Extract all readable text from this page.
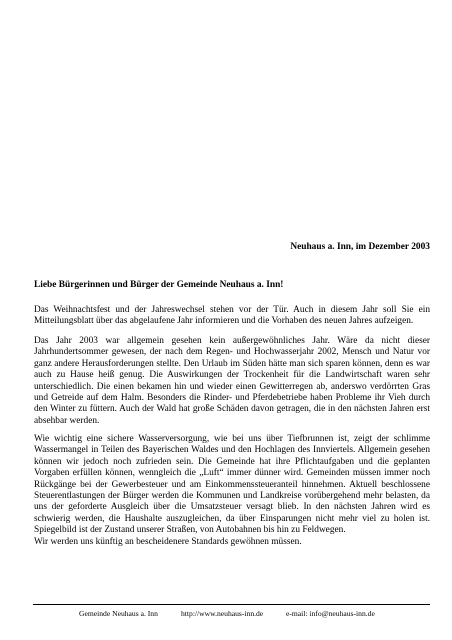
Neuhaus a. Inn, im Dezember 2003
Liebe Bürgerinnen und Bürger der Gemeinde Neuhaus a. Inn!

Das Weihnachtsfest und der Jahreswechsel stehen vor der Tür. Auch in diesem Jahr soll Sie ein Mitteilungsblatt über das abgelaufene Jahr informieren und die Vorhaben des neuen Jahres aufzeigen.

Das Jahr 2003 war allgemein gesehen kein außergewöhnliches Jahr. Wäre da nicht dieser Jahrhundertsommer gewesen, der nach dem Regen- und Hochwasserjahr 2002, Mensch und Natur vor ganz andere Herausforderungen stellte. Den Urlaub im Süden hätte man sich sparen können, denn es war auch zu Hause heiß genug. Die Auswirkungen der Trockenheit für die Landwirtschaft waren sehr unterschiedlich. Die einen bekamen hin und wieder einen Gewitterregen ab, anderswo verdörrten Gras und Getreide auf dem Halm. Besonders die Rinder- und Pferdebetriebe haben Probleme ihr Vieh durch den Winter zu füttern. Auch der Wald hat große Schäden davon getragen, die in den nächsten Jahren erst absehbar werden.

Wie wichtig eine sichere Wasserversorgung, wie bei uns über Tiefbrunnen ist, zeigt der schlimme Wassermangel in Teilen des Bayerischen Waldes und den Hochlagen des Innviertels. Allgemein gesehen können wir jedoch noch zufrieden sein. Die Gemeinde hat ihre Pflichtaufgaben und die geplanten Vorgaben erfüllen können, wenngleich die „Luft“ immer dünner wird. Gemeinden müssen immer noch Rückgänge bei der Gewerbesteuer und am Einkommenssteueranteil hinnehmen. Aktuell beschlossene Steuerentlastungen der Bürger werden die Kommunen und Landkreise vorübergehend mehr belasten, da uns der geforderte Ausgleich über die Umsatzsteuer versagt blieb. In den nächsten Jahren wird es schwierig werden, die Haushalte auszugleichen, da über Einsparungen nicht mehr viel zu holen ist. Spiegelbild ist der Zustand unserer Straßen, von Autobahnen bis hin zu Feldwegen.
Wir werden uns künftig an bescheidenere Standards gewöhnen müssen.
Gemeinde Neuhaus a. Inn	http://www.neuhaus-inn.de	e-mail: info@neuhaus-inn.de
